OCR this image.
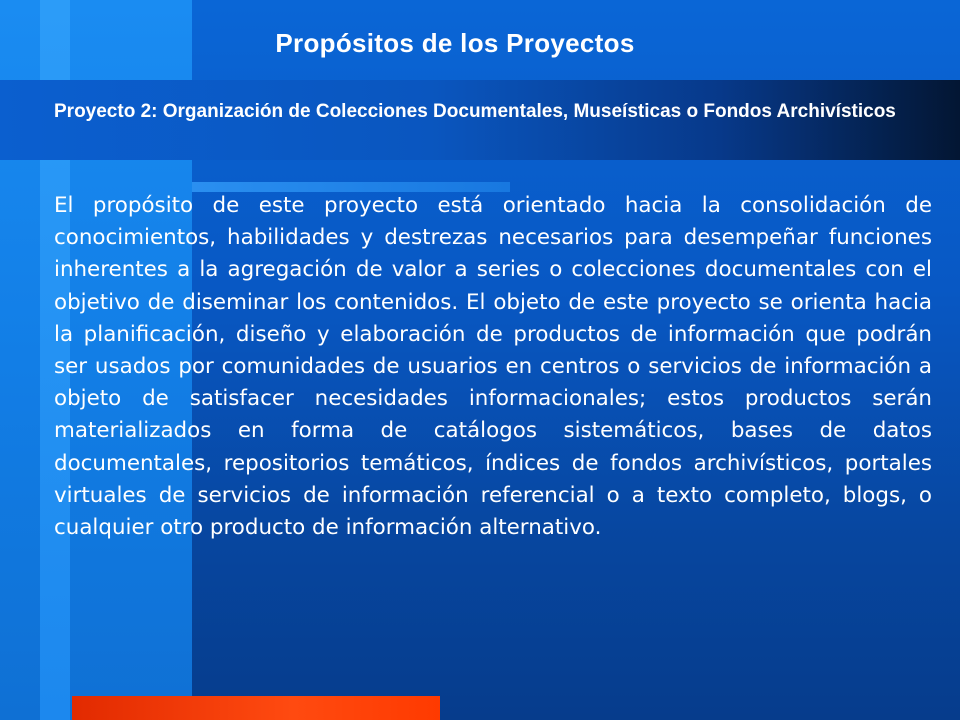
Propósitos de los Proyectos
Proyecto 2: Organización de Colecciones Documentales, Museísticas o Fondos Archivísticos
El propósito de este proyecto está orientado hacia la consolidación de conocimientos, habilidades y destrezas necesarios para desempeñar funciones inherentes a la agregación de valor a series o colecciones documentales con el objetivo de diseminar los contenidos. El objeto de este proyecto se orienta hacia la planificación, diseño y elaboración de productos de información que podrán ser usados por comunidades de usuarios en centros o servicios de información a objeto de satisfacer necesidades informacionales; estos productos serán materializados en forma de catálogos sistemáticos, bases de datos documentales, repositorios temáticos, índices de fondos archivísticos, portales virtuales de servicios de información referencial o a texto completo, blogs, o cualquier otro producto de información alternativo.
